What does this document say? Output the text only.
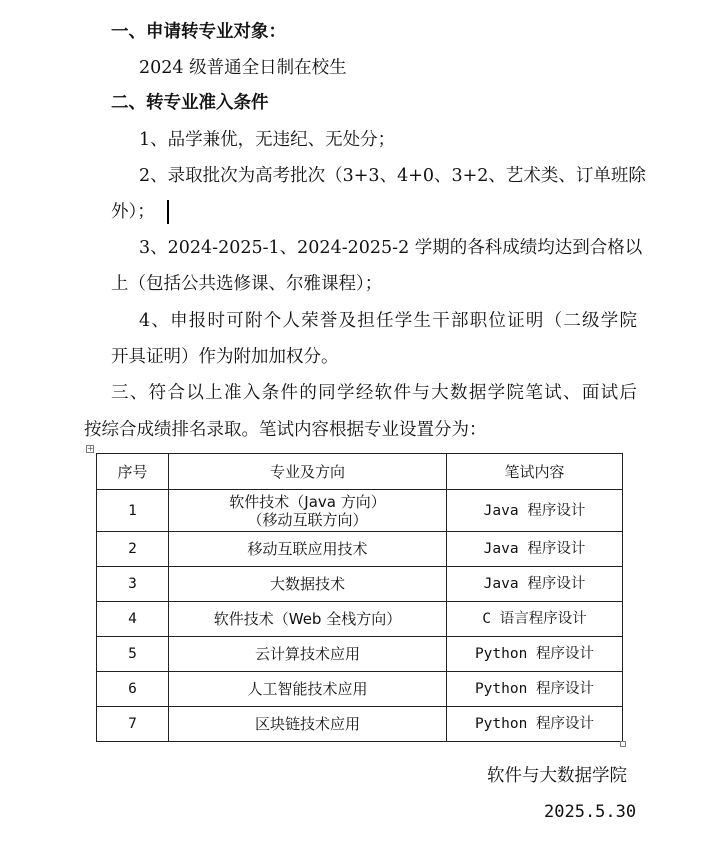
一、申请转专业对象：
2024 级普通全日制在校生
二、转专业准入条件
1、品学兼优，无违纪、无处分；
2、录取批次为高考批次（3+3、4+0、3+2、艺术类、订单班除
外）；
3、2024-2025-1、2024-2025-2 学期的各科成绩均达到合格以
上（包括公共选修课、尔雅课程）；
4、申报时可附个人荣誉及担任学生干部职位证明（二级学院
开具证明）作为附加加权分。
三、符合以上准入条件的同学经软件与大数据学院笔试、面试后
按综合成绩排名录取。笔试内容根据专业设置分为：
+
序号	专业及方向	笔试内容
1	软件技术（Java 方向）
（移动互联方向）	Java 程序设计
2	移动互联应用技术	Java 程序设计
3	大数据技术	Java 程序设计
4	软件技术（Web 全栈方向）	C 语言程序设计
5	云计算技术应用	Python 程序设计
6	人工智能技术应用	Python 程序设计
7	区块链技术应用	Python 程序设计
软件与大数据学院
2025.5.30
